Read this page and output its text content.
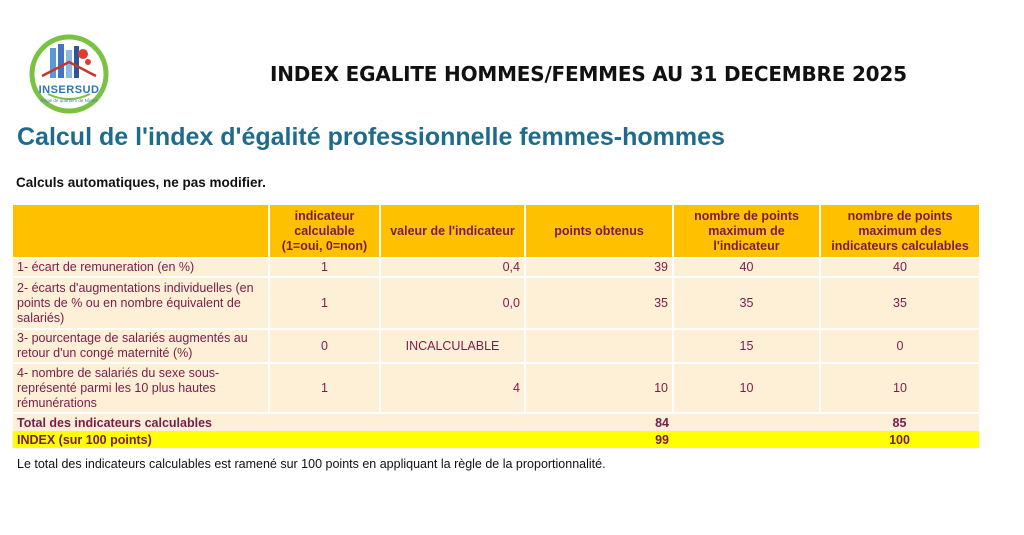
INSERSUD
Régie de quartiers de Nîmes
INDEX EGALITE HOMMES/FEMMES AU 31 DECEMBRE 2025
Calcul de l'index d'égalité professionnelle femmes-hommes
Calculs automatiques, ne pas modifier.
	indicateur calculable (1=oui, 0=non)	valeur de l'indicateur	points obtenus	nombre de points maximum de l'indicateur	nombre de points maximum des indicateurs calculables
1- écart de remuneration (en %)	1	0,4	39	40	40
2- écarts d'augmentations individuelles (en points de % ou en nombre équivalent de salariés)	1	0,0	35	35	35
3- pourcentage de salariés augmentés au retour d'un congé maternité (%)	0	INCALCULABLE		15	0
4- nombre de salariés du sexe sous-représenté parmi les 10 plus hautes rémunérations	1	4	10	10	10
Total des indicateurs calculables			84		85
INDEX (sur 100 points)			99		100
Le total des indicateurs calculables est ramené sur 100 points en appliquant la règle de la proportionnalité.
